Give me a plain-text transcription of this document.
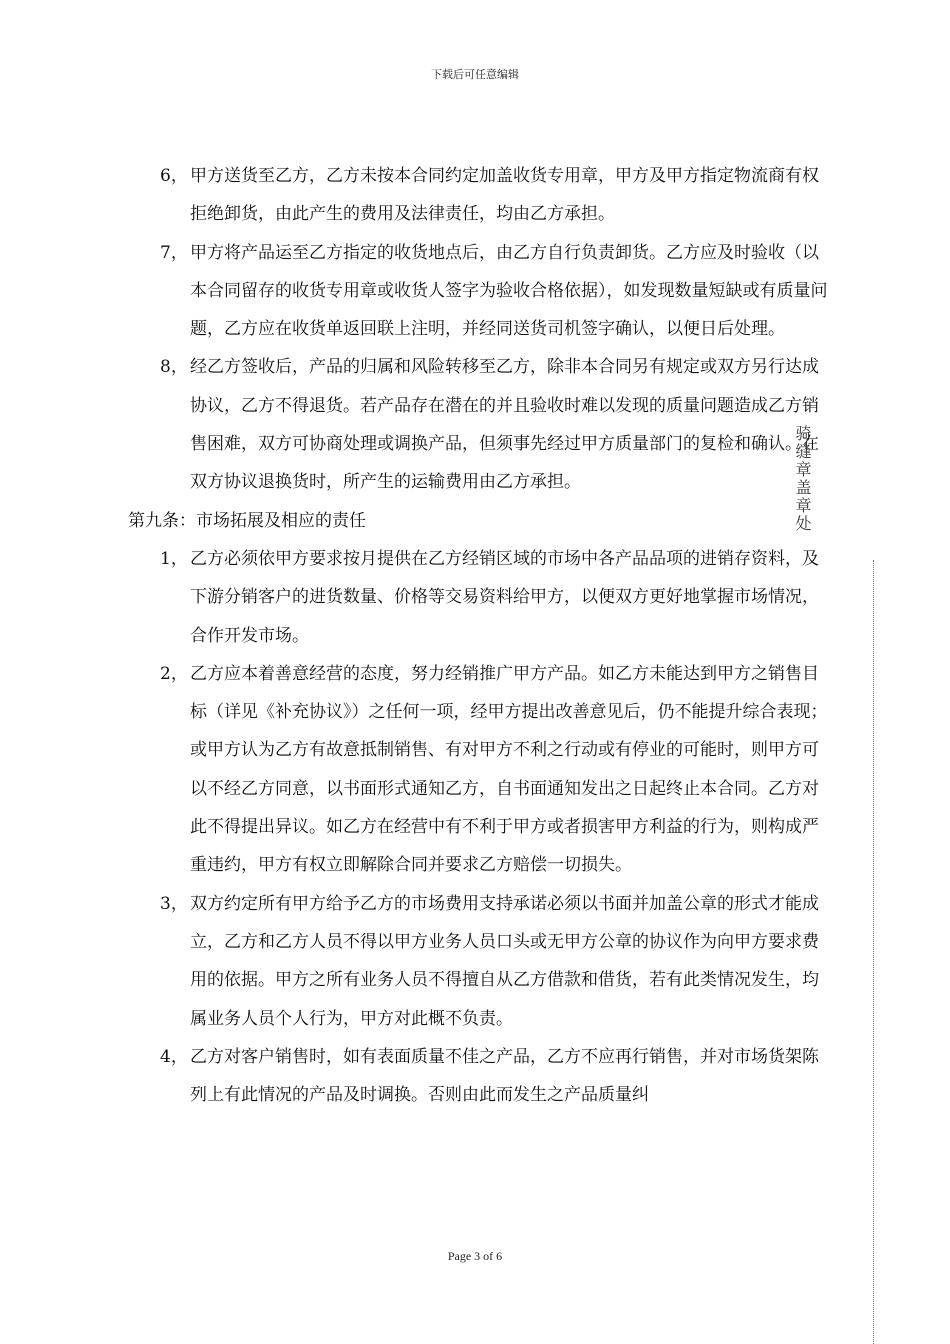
下载后可任意编辑
6， 甲方送货至乙方，乙方未按本合同约定加盖收货专用章，甲方及甲方指定物流商有权拒绝卸货，由此产生的费用及法律责任，均由乙方承担。
7， 甲方将产品运至乙方指定的收货地点后，由乙方自行负责卸货。乙方应及时验收（以本合同留存的收货专用章或收货人签字为验收合格依据），如发现数量短缺或有质量问题，乙方应在收货单返回联上注明，并经同送货司机签字确认，以便日后处理。
8， 经乙方签收后，产品的归属和风险转移至乙方，除非本合同另有规定或双方另行达成协议，乙方不得退货。若产品存在潜在的并且验收时难以发现的质量问题造成乙方销售困难，双方可协商处理或调换产品，但须事先经过甲方质量部门的复检和确认。在双方协议退换货时，所产生的运输费用由乙方承担。
第九条：市场拓展及相应的责任
1， 乙方必须依甲方要求按月提供在乙方经销区域的市场中各产品品项的进销存资料，及下游分销客户的进货数量、价格等交易资料给甲方，以便双方更好地掌握市场情况，合作开发市场。
2， 乙方应本着善意经营的态度，努力经销推广甲方产品。如乙方未能达到甲方之销售目标（详见《补充协议》）之任何一项，经甲方提出改善意见后，仍不能提升综合表现；或甲方认为乙方有故意抵制销售、有对甲方不利之行动或有停业的可能时，则甲方可以不经乙方同意，以书面形式通知乙方，自书面通知发出之日起终止本合同。乙方对此不得提出异议。如乙方在经营中有不利于甲方或者损害甲方利益的行为，则构成严重违约，甲方有权立即解除合同并要求乙方赔偿一切损失。
3， 双方约定所有甲方给予乙方的市场费用支持承诺必须以书面并加盖公章的形式才能成立，乙方和乙方人员不得以甲方业务人员口头或无甲方公章的协议作为向甲方要求费用的依据。甲方之所有业务人员不得擅自从乙方借款和借货，若有此类情况发生，均属业务人员个人行为，甲方对此概不负责。
4， 乙方对客户销售时，如有表面质量不佳之产品，乙方不应再行销售，并对市场货架陈列上有此情况的产品及时调换。否则由此而发生之产品质量纠
骑缝章盖章处
Page 3 of 6
